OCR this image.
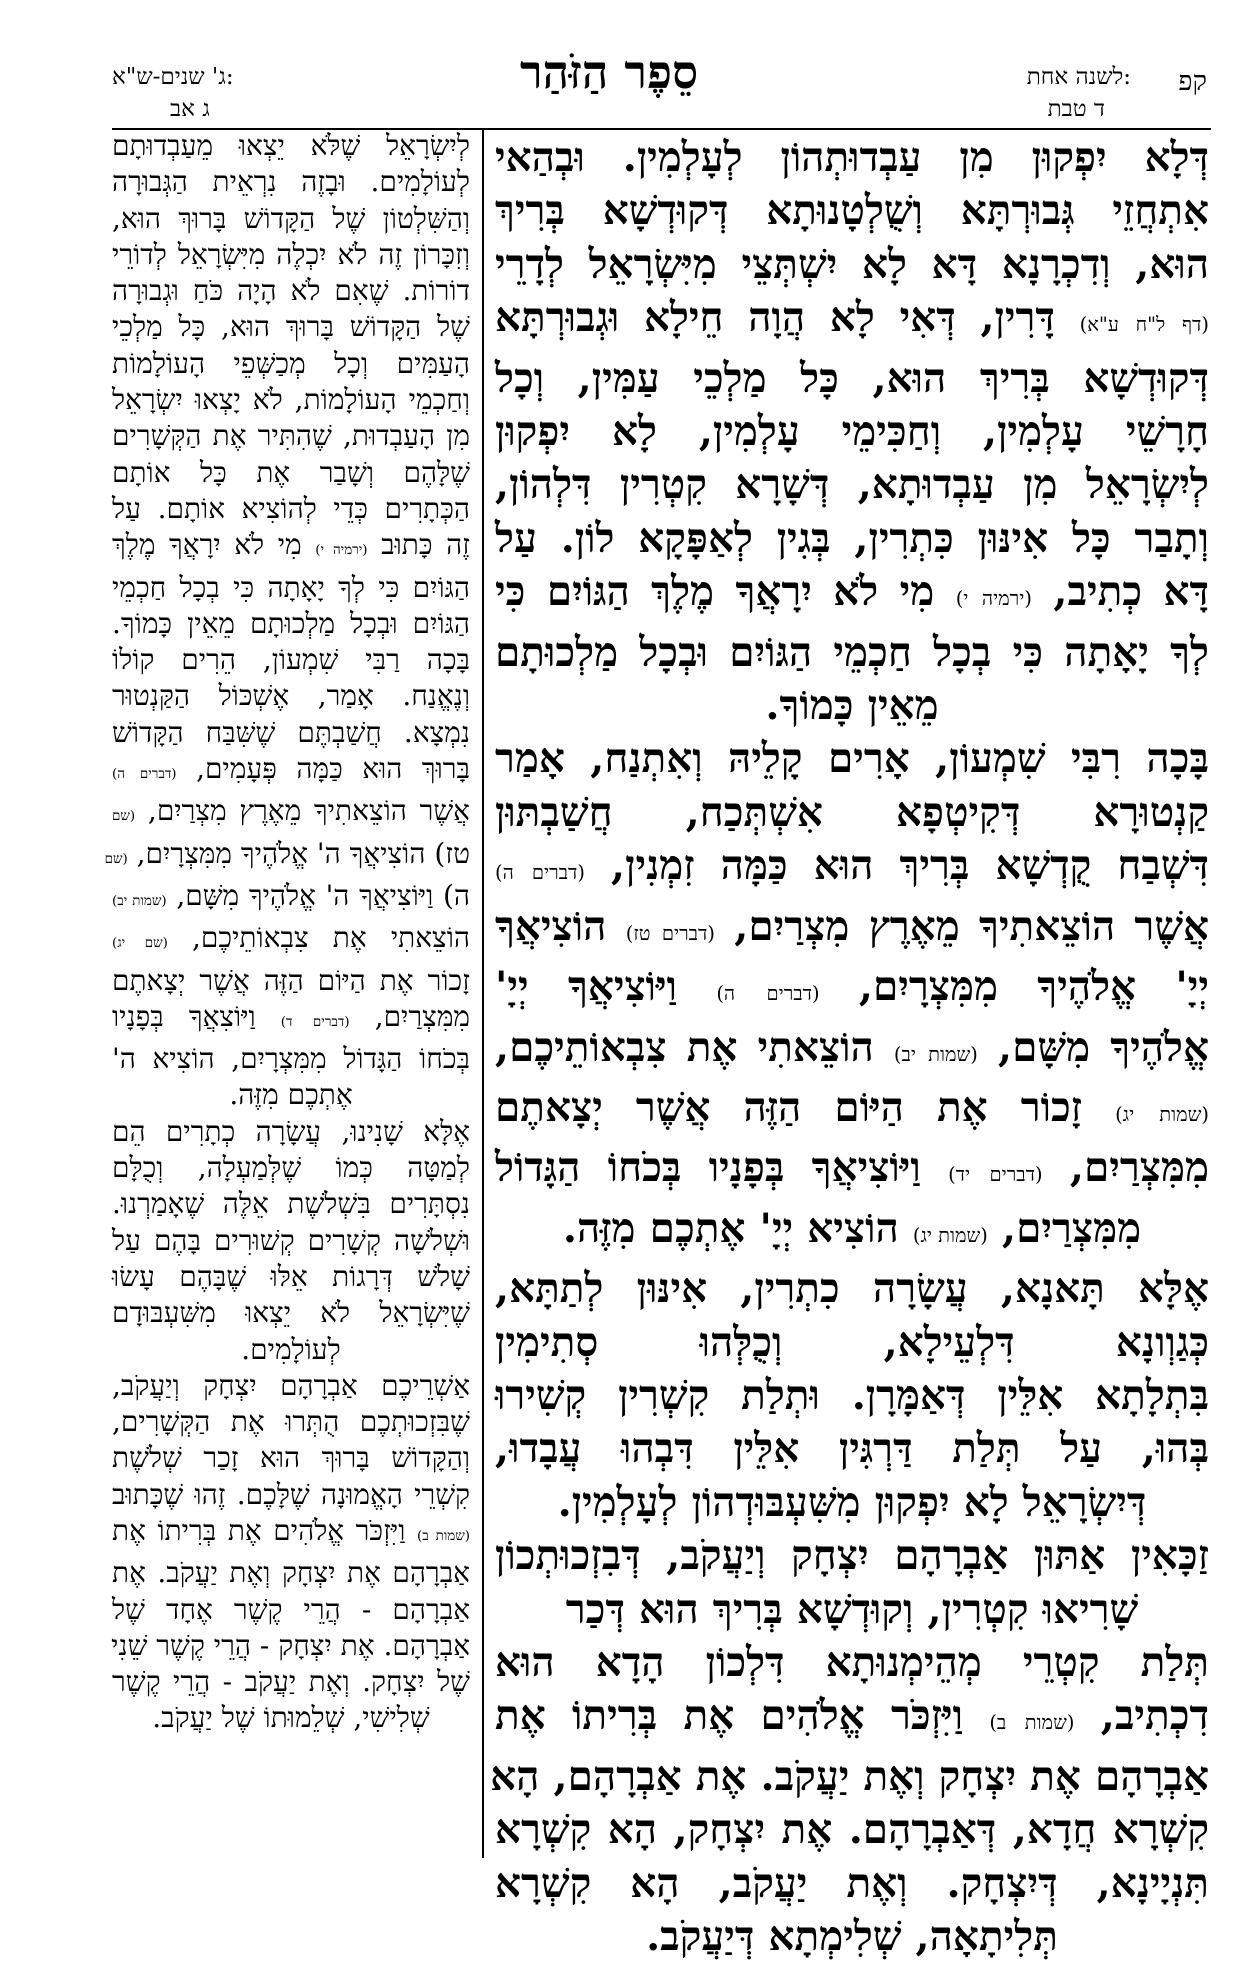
קפ
לשנה אחת:
ד טבת
סֵפֶר הַזֹּהַר
ג' שנים-ש"א:
ג אב
דְּלָא יִפְקוּן מִן עַבְדוּתְהוֹן לְעָלְמִין. וּבְהַאי
אִתְחֲזֵי גְּבוּרְתָּא וְשֻׁלְטָנוּתָא דְּקוּדְשָׁא בְּרִיךְ
הוּא, וְדִכְרָנָא דָּא לָא יִשְׁתְּצֵי מִיִּשְׂרָאֵל לְדָרֵי
(דף ל"ח ע"א) דָּרִין, דְּאִי לָא הֲוָה חֵילָא וּגְבוּרְתָּא
דְּקוּדְשָׁא בְּרִיךְ הוּא, כָּל מַלְכֵי עַמִּין, וְכָל
חָרָשֵׁי עָלְמִין, וְחַכִּימֵי עָלְמִין, לָא יִפְקוּן
לְיִשְׂרָאֵל מִן עַבְדוּתָא, דְּשָׁרָא קִטְרִין דִּלְהוֹן,
וְתָבַר כָּל אִינּוּן כִּתְרִין, בְּגִין לְאַפָּקָא לוֹן. עַל
דָּא כְתִיב, (ירמיה י) מִי לֹא יִרָאֲךָ מֶלֶךְ הַגּוֹיִם כִּי
לְךָ יָאָתָה כִּי בְכָל חַכְמֵי הַגּוֹיִם וּבְכָל מַלְכוּתָם
מֵאֵין כָּמוֹךָ.
בָּכָה רִבִּי שִׁמְעוֹן, אָרִים קָלֵיהּ וְאִתְנַח, אָמַר
קַנְטוּרָא דְּקִיטְפָא אִשְׁתְּכַח, חֲשַׁבְתּוּן
דִּשְׁבַח קֻדְשָׁא בְּרִיךְ הוּא כַּמָּה זִמְנִין, (דברים ה)
אֲשֶׁר הוֹצֵאתִיךָ מֵאֶרֶץ מִצְרַיִם, (דברים טז) הוֹצִיאֲךָ
יְיָ' אֱלֹהֶיךָ מִמִּצְרָיִם, (דברים ה) וַיּוֹצִיאֲךָ יְיָ'
אֱלֹהֶיךָ מִשָּׁם, (שמות יב) הוֹצֵאתִי אֶת צִבְאוֹתֵיכֶם,
(שמות יג) זָכוֹר אֶת הַיּוֹם הַזֶּה אֲשֶׁר יְצָאתֶם
מִמִּצְרַיִם, (דברים יד) וַיּוֹצִיאֲךָ בְּפָנָיו בְּכֹחוֹ הַגָּדוֹל
מִמִּצְרַיִם, (שמות יג) הוֹצִיא יְיָ' אֶתְכֶם מִזֶּה.
אֶלָּא תָּאנָא, עֲשָׂרָה כִתְרִין, אִינּוּן לְתַתָּא,
כְּגַוְונָא דִּלְעֵילָא, וְכֻלְּהוּ סְתִימִין
בִּתְלָתָא אִלֵּין דְּאַמָּרָן. וּתְלַת קִשְׁרִין קְשִׁירוּ
בְּהוּ, עַל תְּלַת דַּרְגִּין אִלֵּין דִּבְהוּ עֲבָדוּ,
דְּיִשְׂרָאֵל לָא יִפְקוּן מִשִּׁעְבּוּדְהוֹן לְעָלְמִין.
זַכָּאִין אַתּוּן אַבְרָהָם יִצְחָק וְיַעֲקֹב, דְּבִזְכוּתְכוֹן
שָׁרִיאוּ קִטְרִין, וְקוּדְשָׁא בְּרִיךְ הוּא דְּכַר
תְּלַת קִטְרֵי מְהֵימְנוּתָא דִּלְכוֹן הָדָא הוּא
דִכְתִיב, (שמות ב) וַיִּזְכֹּר אֱלֹהִים אֶת בְּרִיתוֹ אֶת
אַבְרָהָם אֶת יִצְחָק וְאֶת יַעֲקֹב. אֶת אַבְרָהָם, הָא
קִשְׁרָא חֲדָא, דְּאַבְרָהָם. אֶת יִצְחָק, הָא קִשְׁרָא
תִּנְיָינָא, דְּיִצְחָק. וְאֶת יַעֲקֹב, הָא קִשְׁרָא
תְּלִיתָאָה, שְׁלִימְתָא דְּיַעֲקֹב.
לְיִשְׂרָאֵל שֶׁלֹּא יֵצְאוּ מֵעַבְדוּתָם
לְעוֹלָמִים. וּבָזֶה נִרְאֵית הַגְּבוּרָה
וְהַשִּׁלְטוֹן שֶׁל הַקָּדוֹשׁ בָּרוּךְ הוּא,
וְזִכָּרוֹן זֶה לֹא יִכְלֶה מִיִּשְׂרָאֵל לְדוֹרֵי
דוֹרוֹת. שֶׁאִם לֹא הָיָה כֹּחַ וּגְבוּרָה
שֶׁל הַקָּדוֹשׁ בָּרוּךְ הוּא, כָּל מַלְכֵי
הָעַמִּים וְכָל מְכַשְּׁפֵי הָעוֹלָמוֹת
וְחַכְמֵי הָעוֹלָמוֹת, לֹא יָצְאוּ יִשְׂרָאֵל
מִן הָעַבְדוּת, שֶׁהִתִּיר אֶת הַקְּשָׁרִים
שֶׁלָּהֶם וְשָׁבַר אֶת כָּל אוֹתָם
הַכְּתָרִים כְּדֵי לְהוֹצִיא אוֹתָם. עַל
זֶה כָּתוּב (ירמיה י) מִי לֹא יִרָאֲךָ מֶלֶךְ
הַגּוֹיִם כִּי לְךָ יָאָתָה כִּי בְכָל חַכְמֵי
הַגּוֹיִם וּבְכָל מַלְכוּתָם מֵאֵין כָּמוֹךָ.
בָּכָה רַבִּי שִׁמְעוֹן, הֵרִים קוֹלוֹ
וְנֶאֱנַח. אָמַר, אֶשְׁכּוֹל הַקַּנְטוּר
נִמְצָא. חֲשַׁבְתֶּם שֶׁשִּׁבַּח הַקָּדוֹשׁ
בָּרוּךְ הוּא כַּמָּה פְּעָמִים, (דברים ה)
אֲשֶׁר הוֹצֵאתִיךָ מֵאֶרֶץ מִצְרַיִם, (שם
טז) הוֹצִיאֲךָ ה' אֱלֹהֶיךָ מִמִּצְרָיִם, (שם
ה) וַיּוֹצִיאֲךָ ה' אֱלֹהֶיךָ מִשָּׁם, (שמות יב)
הוֹצֵאתִי אֶת צִבְאוֹתֵיכֶם, (שם יג)
זָכוֹר אֶת הַיּוֹם הַזֶּה אֲשֶׁר יְצָאתֶם
מִמִּצְרַיִם, (דברים ד) וַיּוֹצִאֲךָ בְּפָנָיו
בְּכֹחוֹ הַגָּדוֹל מִמִּצְרָיִם, הוֹצִיא ה'
אֶתְכֶם מִזֶּה.
אֶלָּא שָׁנִינוּ, עֲשָׂרָה כְתָרִים הֵם
לְמַטָּה כְּמוֹ שֶׁלְּמַעְלָה, וְכֻלָּם
נִסְתָּרִים בִּשְׁלֹשֶׁת אֵלֶּה שֶׁאָמַרְנוּ.
וּשְׁלֹשָׁה קְשָׁרִים קְשׁוּרִים בָּהֶם עַל
שָׁלֹשׁ דְּרָגוֹת אֵלּוּ שֶׁבָּהֶם עָשׂוּ
שֶׁיִּשְׂרָאֵל לֹא יֵצְאוּ מִשִּׁעְבּוּדָם
לְעוֹלָמִים.
אַשְׁרֵיכֶם אַבְרָהָם יִצְחָק וְיַעֲקֹב,
שֶׁבִּזְכוּתְכֶם הֻתְּרוּ אֶת הַקְּשָׁרִים,
וְהַקָּדוֹשׁ בָּרוּךְ הוּא זָכַר שְׁלֹשֶׁת
קִשְׁרֵי הָאֱמוּנָה שֶׁלָּכֶם. זֶהוּ שֶׁכָּתוּב
(שמות ב) וַיִּזְכֹּר אֱלֹהִים אֶת בְּרִיתוֹ אֶת
אַבְרָהָם אֶת יִצְחָק וְאֶת יַעֲקֹב. אֶת
אַבְרָהָם - הֲרֵי קֶשֶׁר אֶחָד שֶׁל
אַבְרָהָם. אֶת יִצְחָק - הֲרֵי קֶשֶׁר שֵׁנִי
שֶׁל יִצְחָק. וְאֶת יַעֲקֹב - הֲרֵי קֶשֶׁר
שְׁלִישִׁי, שְׁלֵמוּתוֹ שֶׁל יַעֲקֹב.
